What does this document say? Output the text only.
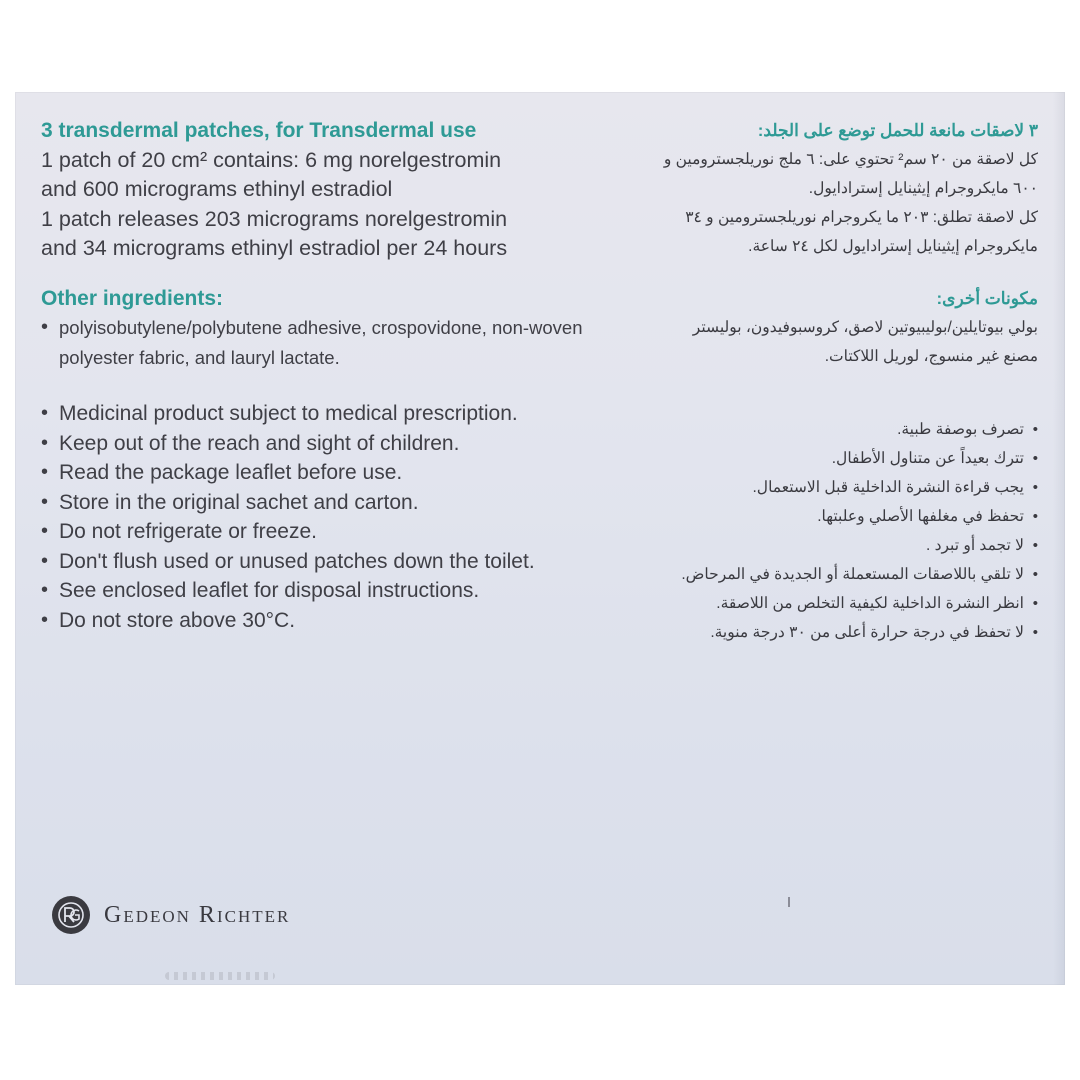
3 transdermal patches, for Transdermal use

1 patch of 20 cm² contains: 6 mg norelgestromin

and 600 micrograms ethinyl estradiol

1 patch releases 203 micrograms norelgestromin

and 34 micrograms ethinyl estradiol per 24 hours

Other ingredients:

• polyisobutylene/polybutene adhesive, crospovidone, non-woven polyester fabric, and lauryl lactate.
• Medicinal product subject to medical prescription.
• Keep out of the reach and sight of children.
• Read the package leaflet before use.
• Store in the original sachet and carton.
• Do not refrigerate or freeze.
• Don't flush used or unused patches down the toilet.
• See enclosed leaflet for disposal instructions.
• Do not store above 30°C.

٣ لاصقات مانعة للحمل توضع على الجلد:

كل لاصقة من ٢٠ سم² تحتوي على: ٦ ملج نوريلجسترومين و

٦٠٠ مايكروجرام إيثينايل إسترادايول.

كل لاصقة تطلق: ٢٠٣ ما يكروجرام نوريلجسترومين و ٣٤

مايكروجرام إيثينايل إسترادايول لكل ٢٤ ساعة.

مكونات أخرى:

بولي بيوتايلين/بوليبيوتين لاصق، كروسبوفيدون، بوليستر

مصنع غير منسوج، لوريل اللاكتات.

• تصرف بوصفة طبية.
• تترك بعيداً عن متناول الأطفال.
• يجب قراءة النشرة الداخلية قبل الاستعمال.
• تحفظ في مغلفها الأصلي وعلبتها.
• لا تجمد أو تبرد .
• لا تلقي باللاصقات المستعملة أو الجديدة في المرحاض.
• انظر النشرة الداخلية لكيفية التخلص من اللاصقة.
• لا تحفظ في درجة حرارة أعلى من ٣٠ درجة منوية.
Gedeon Richter
